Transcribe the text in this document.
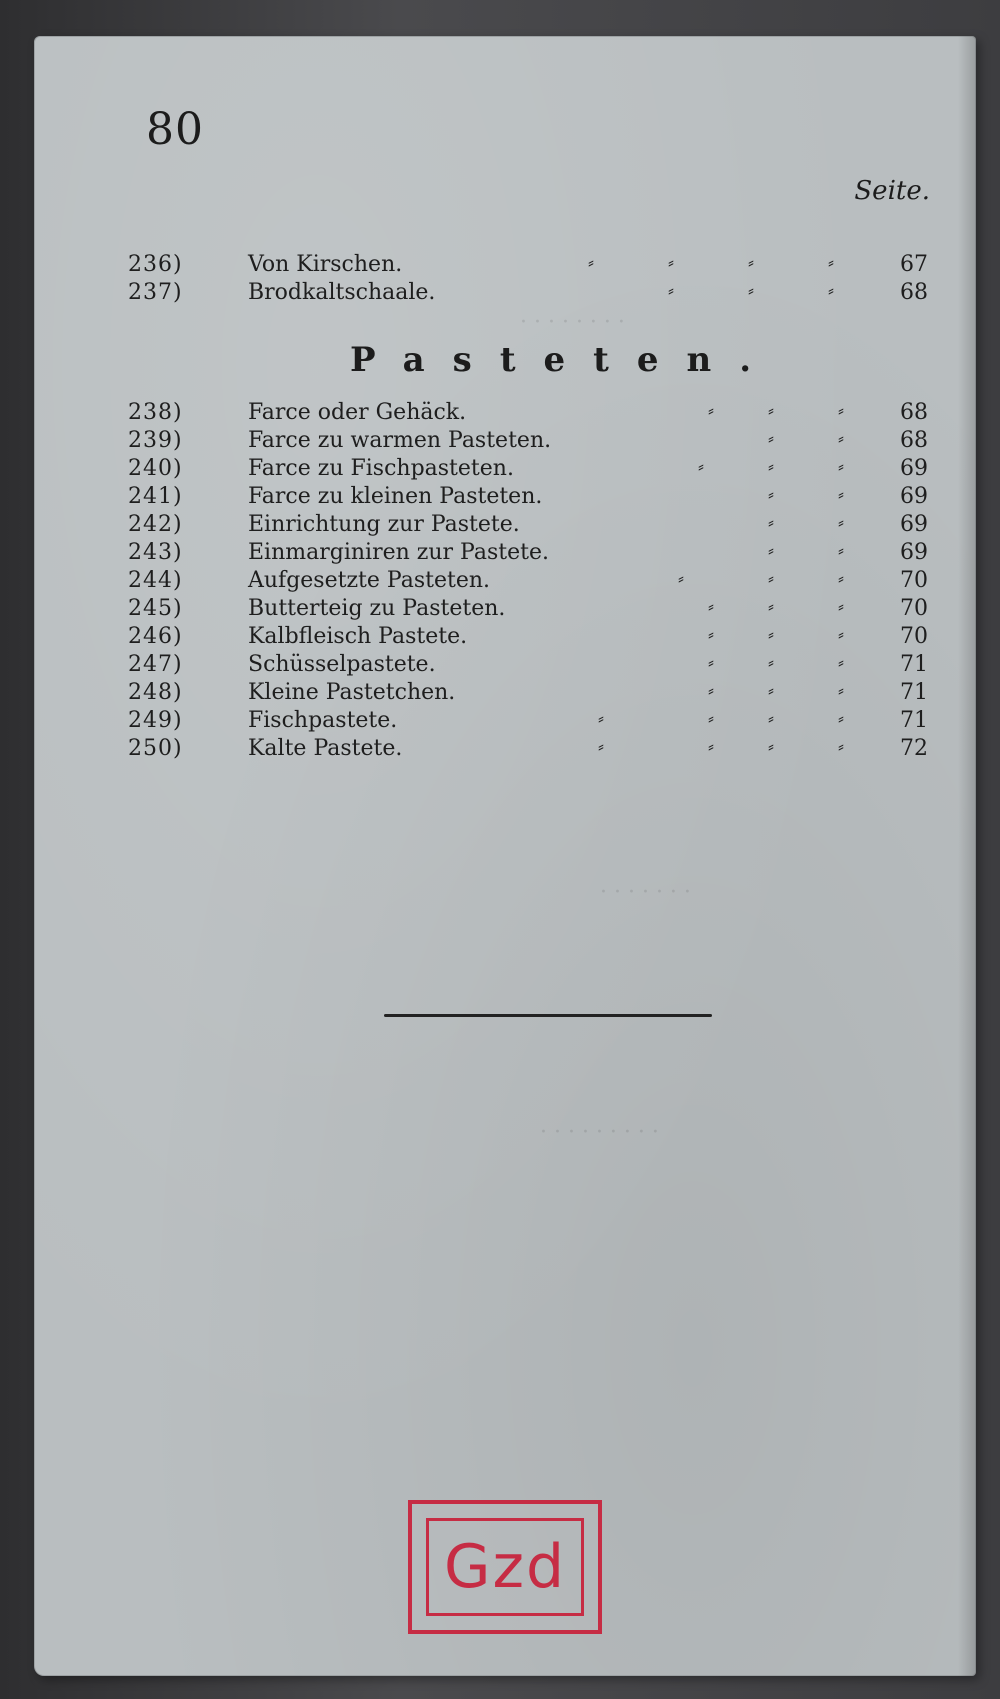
80
Seite.
236)	Von Kirschen.	⸗	⸗	⸗	⸗	67
237)	Brodkaltschaale.	⸗	⸗	⸗	68
Pasteten.
238)	Farce oder Gehäck.	⸗	⸗	⸗	68
239)	Farce zu warmen Pasteten.	⸗	⸗	68
240)	Farce zu Fischpasteten.	⸗	⸗	⸗	69
241)	Farce zu kleinen Pasteten.	⸗	⸗	69
242)	Einrichtung zur Pastete.	⸗	⸗	69
243)	Einmarginiren zur Pastete.	⸗	⸗	69
244)	Aufgesetzte Pasteten.	⸗	⸗	⸗	70
245)	Butterteig zu Pasteten.	⸗	⸗	⸗	70
246)	Kalbfleisch Pastete.	⸗	⸗	⸗	70
247)	Schüsselpastete.	⸗	⸗	⸗	71
248)	Kleine Pastetchen.	⸗	⸗	⸗	71
249)	Fischpastete.	⸗	⸗	⸗	⸗	71
250)	Kalte Pastete.	⸗	⸗	⸗	⸗	72
· · · · · · · ·
· · · · · · ·
· · · · · · · · ·
Gzd
